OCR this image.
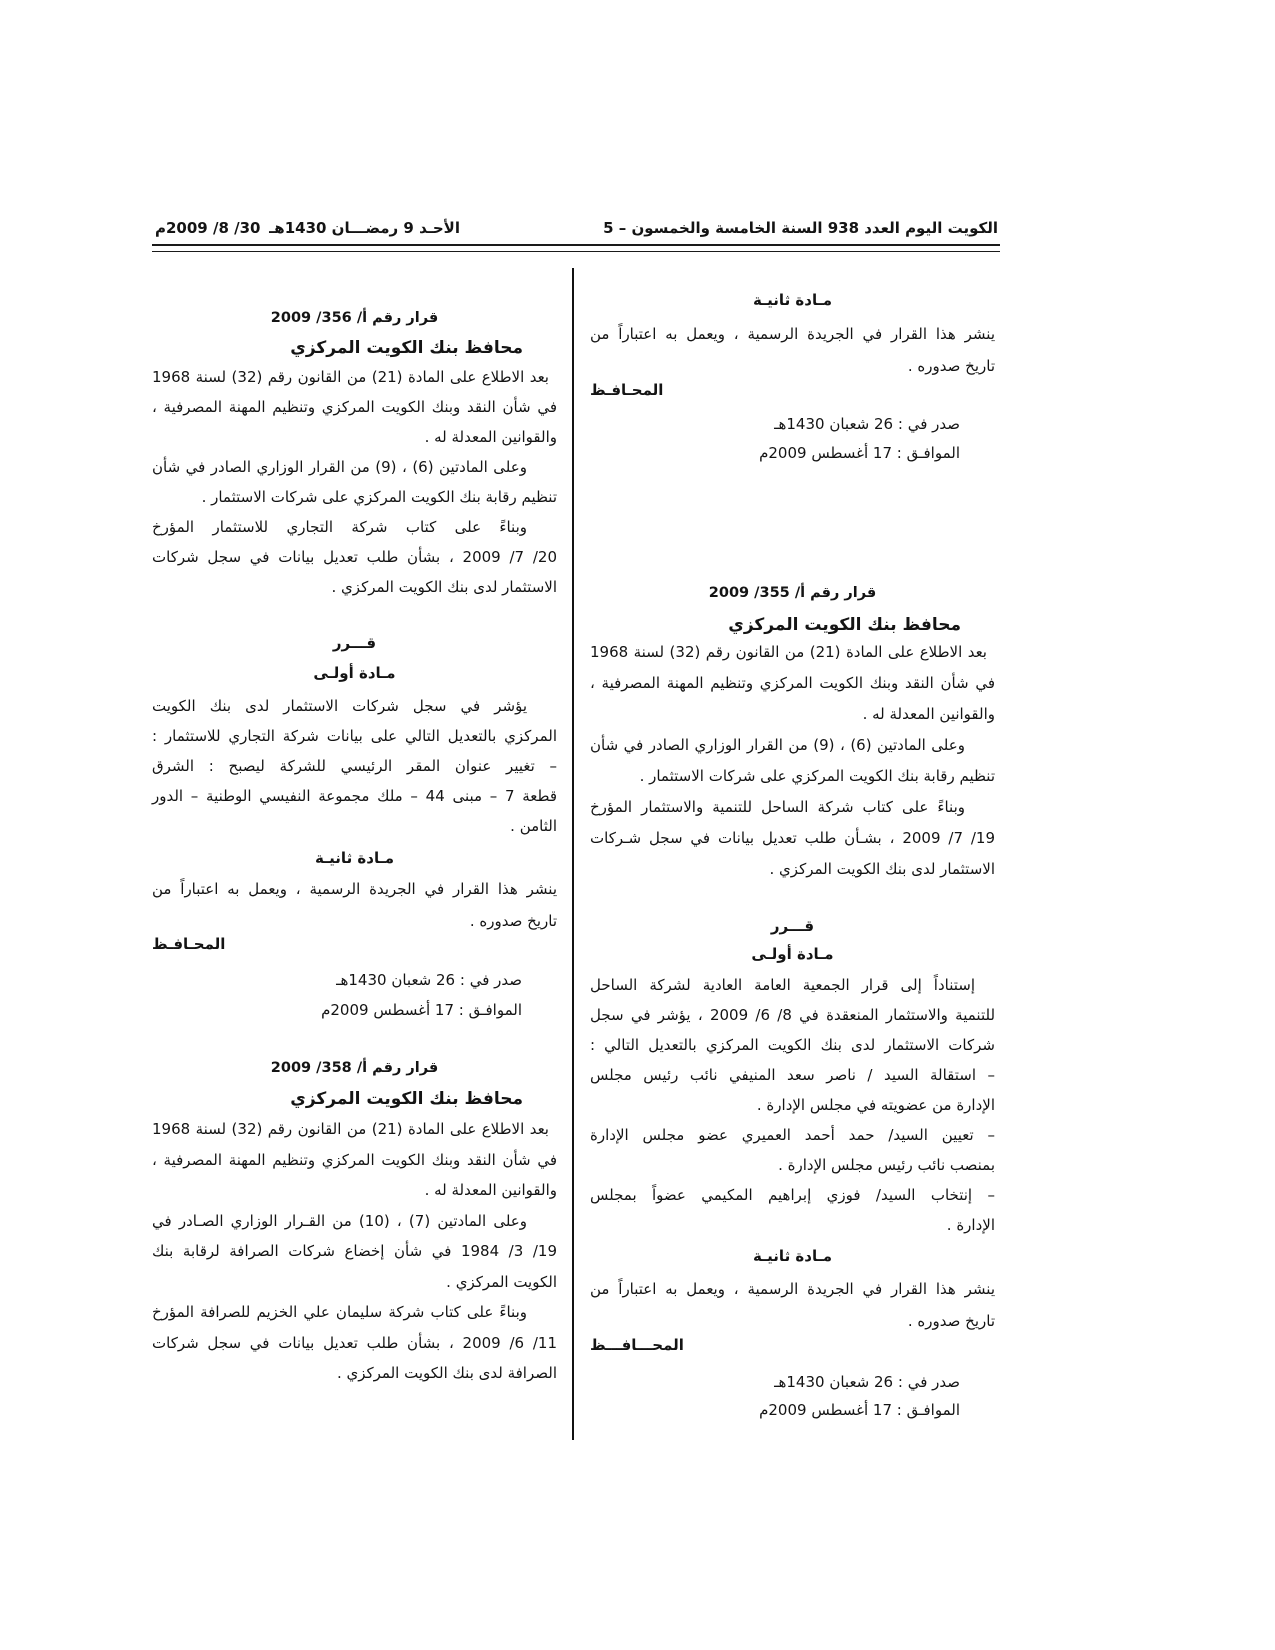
الكويت اليوم العدد 938 السنة الخامسة والخمسون – 5
الأحـد 9 رمضـــان 1430هـ
30/ 8/ 2009م
مـادة ثانيـة
ينشر هذا القرار في الجريدة الرسمية ، ويعمل به اعتباراً من
تاريخ صدوره .
المحـافـظ
صدر في : 26 شعبان 1430هـ
الموافـق : 17 أغسطس 2009م
قرار رقم أ/ 355/ 2009
محافظ بنك الكويت المركزي
بعد الاطلاع على المادة (21) من القانون رقم (32) لسنة 1968
في شأن النقد وبنك الكويت المركزي وتنظيم المهنة المصرفية ،
والقوانين المعدلة له .
وعلى المادتين (6) ، (9) من القرار الوزاري الصادر في شأن
تنظيم رقابة بنك الكويت المركزي على شركات الاستثمار .
وبناءً على كتاب شركة الساحل للتنمية والاستثمار المؤرخ
19/ 7/ 2009 ، بشـأن طلب تعديل بيانات في سجل شـركات
الاستثمار لدى بنك الكويت المركزي .
قـــرر
مـادة أولـى
إستناداً إلى قرار الجمعية العامة العادية لشركة الساحل
للتنمية والاستثمار المنعقدة في 8/ 6/ 2009 ، يؤشر في سجل
شركات الاستثمار لدى بنك الكويت المركزي بالتعديل التالي :
– استقالة السيد / ناصر سعد المنيفي نائب رئيس مجلس
الإدارة من عضويته في مجلس الإدارة .
– تعيين السيد/ حمد أحمد العميري عضو مجلس الإدارة
بمنصب نائب رئيس مجلس الإدارة .
– إنتخاب السيد/ فوزي إبراهيم المكيمي عضواً بمجلس
الإدارة .
مـادة ثانيـة
ينشر هذا القرار في الجريدة الرسمية ، ويعمل به اعتباراً من
تاريخ صدوره .
المحـــافـــظ
صدر في : 26 شعبان 1430هـ
الموافـق : 17 أغسطس 2009م
قرار رقم أ/ 356/ 2009
محافظ بنك الكويت المركزي
بعد الاطلاع على المادة (21) من القانون رقم (32) لسنة 1968
في شأن النقد وبنك الكويت المركزي وتنظيم المهنة المصرفية ،
والقوانين المعدلة له .
وعلى المادتين (6) ، (9) من القرار الوزاري الصادر في شأن
تنظيم رقابة بنك الكويت المركزي على شركات الاستثمار .
وبناءً على كتاب شركة التجاري للاستثمار المؤرخ
20/ 7/ 2009 ، بشأن طلب تعديل بيانات في سجل شركات
الاستثمار لدى بنك الكويت المركزي .
قـــرر
مـادة أولـى
يؤشر في سجل شركات الاستثمار لدى بنك الكويت
المركزي بالتعديل التالي على بيانات شركة التجاري للاستثمار :
– تغيير عنوان المقر الرئيسي للشركة ليصبح : الشرق
قطعة 7 – مبنى 44 – ملك مجموعة النفيسي الوطنية – الدور
الثامن .
مـادة ثانيـة
ينشر هذا القرار في الجريدة الرسمية ، ويعمل به اعتباراً من
تاريخ صدوره .
المحـافـظ
صدر في : 26 شعبان 1430هـ
الموافـق : 17 أغسطس 2009م
قرار رقم أ/ 358/ 2009
محافظ بنك الكويت المركزي
بعد الاطلاع على المادة (21) من القانون رقم (32) لسنة 1968
في شأن النقد وبنك الكويت المركزي وتنظيم المهنة المصرفية ،
والقوانين المعدلة له .
وعلى المادتين (7) ، (10) من القـرار الوزاري الصـادر في
19/ 3/ 1984 في شأن إخضاع شركات الصرافة لرقابة بنك
الكويت المركزي .
وبناءً على كتاب شركة سليمان علي الخزيم للصرافة المؤرخ
11/ 6/ 2009 ، بشأن طلب تعديل بيانات في سجل شركات
الصرافة لدى بنك الكويت المركزي .
